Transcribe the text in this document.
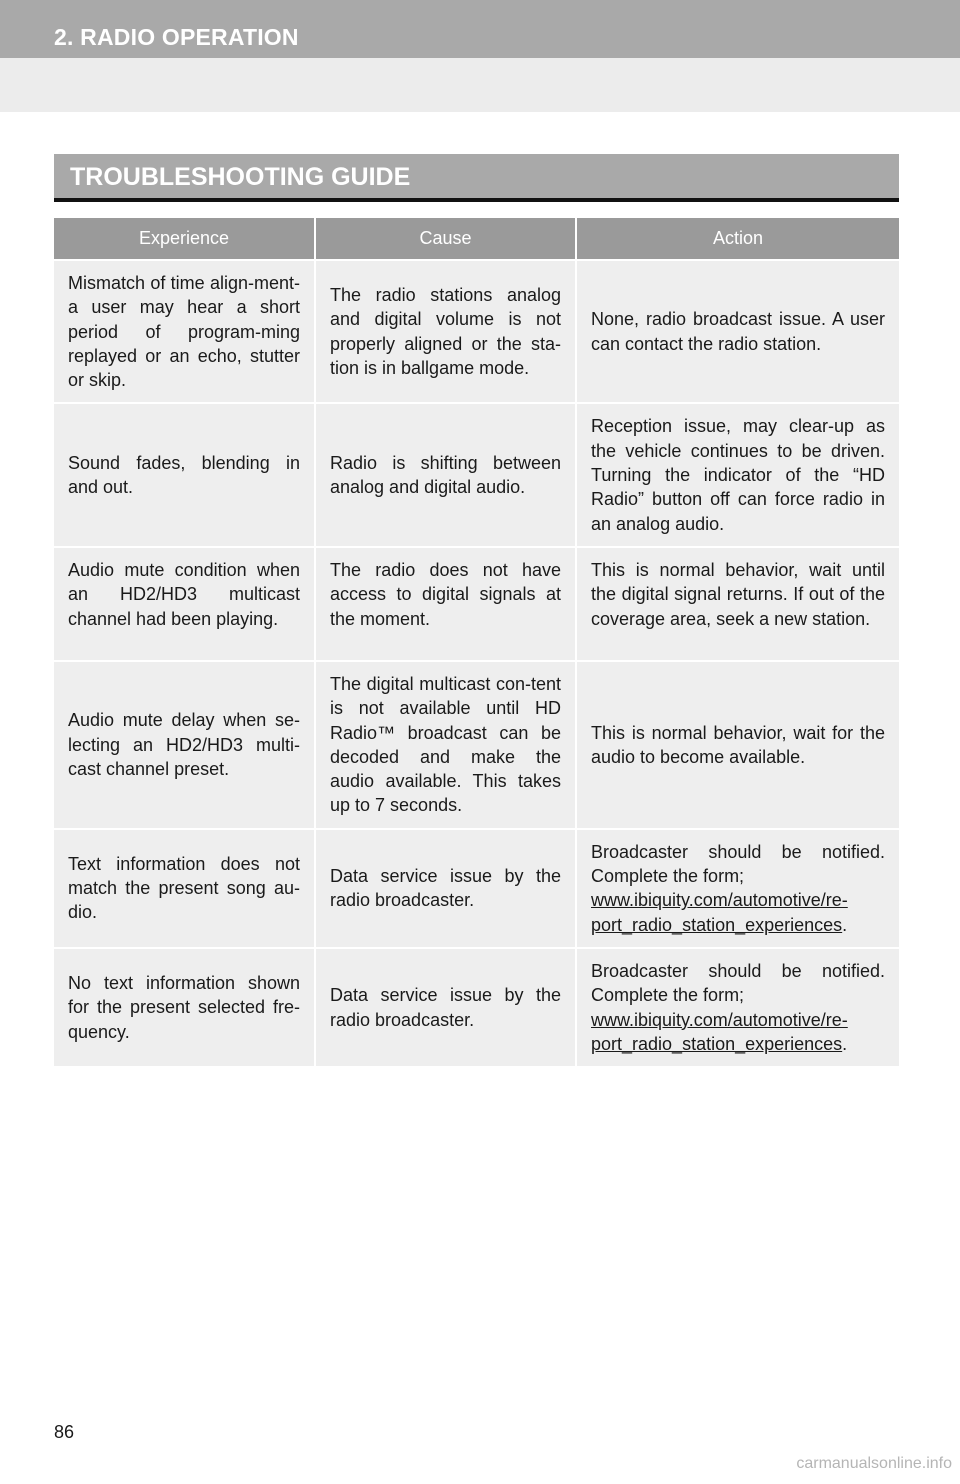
2. RADIO OPERATION
TROUBLESHOOTING GUIDE
Experience	Cause	Action
Mismatch of time align-ment- a user may hear a short period of program-ming replayed or an echo, stutter or skip.	The radio stations analog and digital volume is not properly aligned or the sta-tion is in ballgame mode.	None, radio broadcast issue. A user can contact the radio station.
Sound fades, blending in and out.	Radio is shifting between analog and digital audio.	Reception issue, may clear-up as the vehicle continues to be driven. Turning the indicator of the “HD Radio” button off can force radio in an analog audio.
Audio mute condition when an HD2/HD3 multicast channel had been playing.	The radio does not have access to digital signals at the moment.	This is normal behavior, wait until the digital signal returns. If out of the coverage area, seek a new station.
Audio mute delay when se-lecting an HD2/HD3 multi-cast channel preset.	The digital multicast con-tent is not available until HD Radio™ broadcast can be decoded and make the audio available. This takes up to 7 seconds.	This is normal behavior, wait for the audio to become available.
Text information does not match the present song au-dio.	Data service issue by the radio broadcaster.	Broadcaster should be notified. Complete the form;
www.ibiquity.com/automotive/re-
port_radio_station_experiences.
No text information shown for the present selected fre-quency.	Data service issue by the radio broadcaster.	Broadcaster should be notified. Complete the form;
www.ibiquity.com/automotive/re-
port_radio_station_experiences.
86
carmanualsonline.info
